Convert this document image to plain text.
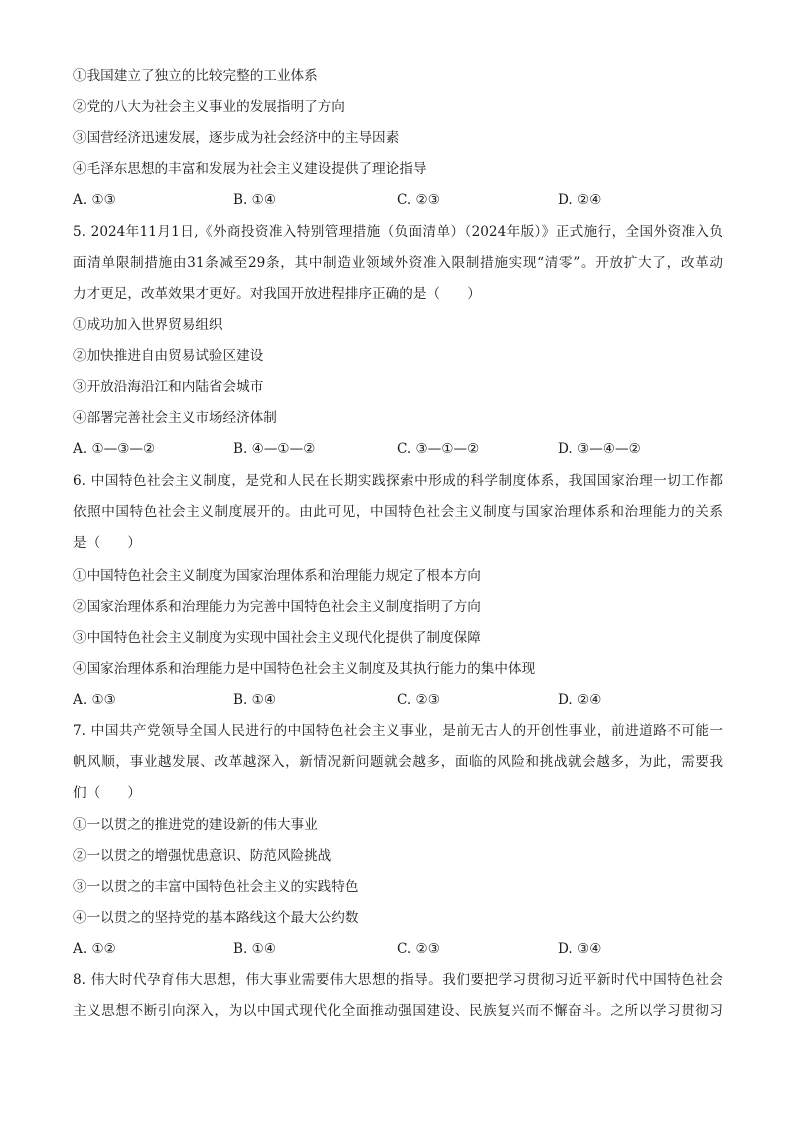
①我国建立了独立的比较完整的工业体系
②党的八大为社会主义事业的发展指明了方向
③国营经济迅速发展，逐步成为社会经济中的主导因素
④毛泽东思想的丰富和发展为社会主义建设提供了理论指导
A. ①③	B. ①④	C. ②③	D. ②④
5. 2024年11月1日,《外商投资准入特别管理措施（负面清单）（2024年版）》正式施行，全国外资准入负
面清单限制措施由31条减至29条，其中制造业领域外资准入限制措施实现“清零”。开放扩大了，改革动
力才更足，改革效果才更好。对我国开放进程排序正确的是（　　）
①成功加入世界贸易组织
②加快推进自由贸易试验区建设
③开放沿海沿江和内陆省会城市
④部署完善社会主义市场经济体制
A. ①—③—②	B. ④—①—②	C. ③—①—②	D. ③—④—②
6. 中国特色社会主义制度，是党和人民在长期实践探索中形成的科学制度体系，我国国家治理一切工作都
依照中国特色社会主义制度展开的。由此可见，中国特色社会主义制度与国家治理体系和治理能力的关系
是（　　）
①中国特色社会主义制度为国家治理体系和治理能力规定了根本方向
②国家治理体系和治理能力为完善中国特色社会主义制度指明了方向
③中国特色社会主义制度为实现中国社会主义现代化提供了制度保障
④国家治理体系和治理能力是中国特色社会主义制度及其执行能力的集中体现
A. ①③	B. ①④	C. ②③	D. ②④
7. 中国共产党领导全国人民进行的中国特色社会主义事业，是前无古人的开创性事业，前进道路不可能一
帆风顺，事业越发展、改革越深入，新情况新问题就会越多，面临的风险和挑战就会越多，为此，需要我
们（　　）
①一以贯之的推进党的建设新的伟大事业
②一以贯之的增强忧患意识、防范风险挑战
③一以贯之的丰富中国特色社会主义的实践特色
④一以贯之的坚持党的基本路线这个最大公约数
A. ①②	B. ①④	C. ②③	D. ③④
8. 伟大时代孕育伟大思想，伟大事业需要伟大思想的指导。我们要把学习贯彻习近平新时代中国特色社会
主义思想不断引向深入，为以中国式现代化全面推动强国建设、民族复兴而不懈奋斗。之所以学习贯彻习
